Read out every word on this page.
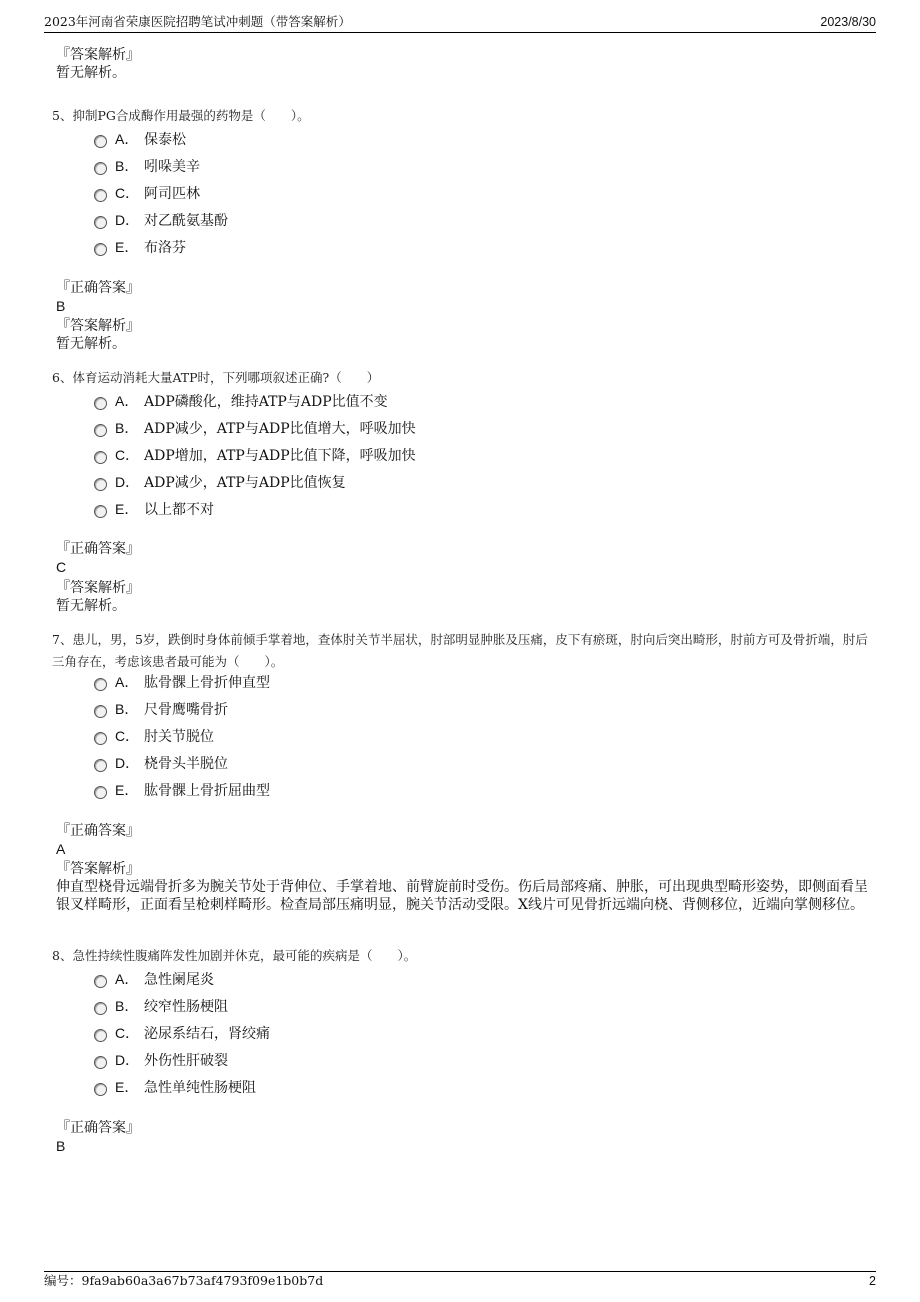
2023年河南省荣康医院招聘笔试冲刺题（带答案解析）	2023/8/30
『答案解析』
暂无解析。
5、抑制PG合成酶作用最强的药物是（　　）。
A． 保泰松
B． 吲哚美辛
C． 阿司匹林
D． 对乙酰氨基酚
E． 布洛芬
『正确答案』
B
『答案解析』
暂无解析。
6、体育运动消耗大量ATP时，下列哪项叙述正确?（　　）
A． ADP磷酸化，维持ATP与ADP比值不变
B． ADP减少，ATP与ADP比值增大，呼吸加快
C． ADP增加，ATP与ADP比值下降，呼吸加快
D． ADP减少，ATP与ADP比值恢复
E． 以上都不对
『正确答案』
C
『答案解析』
暂无解析。
7、患儿，男，5岁，跌倒时身体前倾手掌着地，查体肘关节半屈状，肘部明显肿胀及压痛，皮下有瘀斑，肘向后突出畸形，肘前方可及骨折端，肘后三角存在，考虑该患者最可能为（　　）。
A． 肱骨髁上骨折伸直型
B． 尺骨鹰嘴骨折
C． 肘关节脱位
D． 桡骨头半脱位
E． 肱骨髁上骨折屈曲型
『正确答案』
A
『答案解析』
伸直型桡骨远端骨折多为腕关节处于背伸位、手掌着地、前臂旋前时受伤。伤后局部疼痛、肿胀，可出现典型畸形姿势，即侧面看呈银叉样畸形，正面看呈枪刺样畸形。检查局部压痛明显，腕关节活动受限。X线片可见骨折远端向桡、背侧移位，近端向掌侧移位。
8、急性持续性腹痛阵发性加剧并休克，最可能的疾病是（　　）。
A． 急性阑尾炎
B． 绞窄性肠梗阻
C． 泌尿系结石，肾绞痛
D． 外伤性肝破裂
E． 急性单纯性肠梗阻
『正确答案』
B
编号：9fa9ab60a3a67b73af4793f09e1b0b7d	2
